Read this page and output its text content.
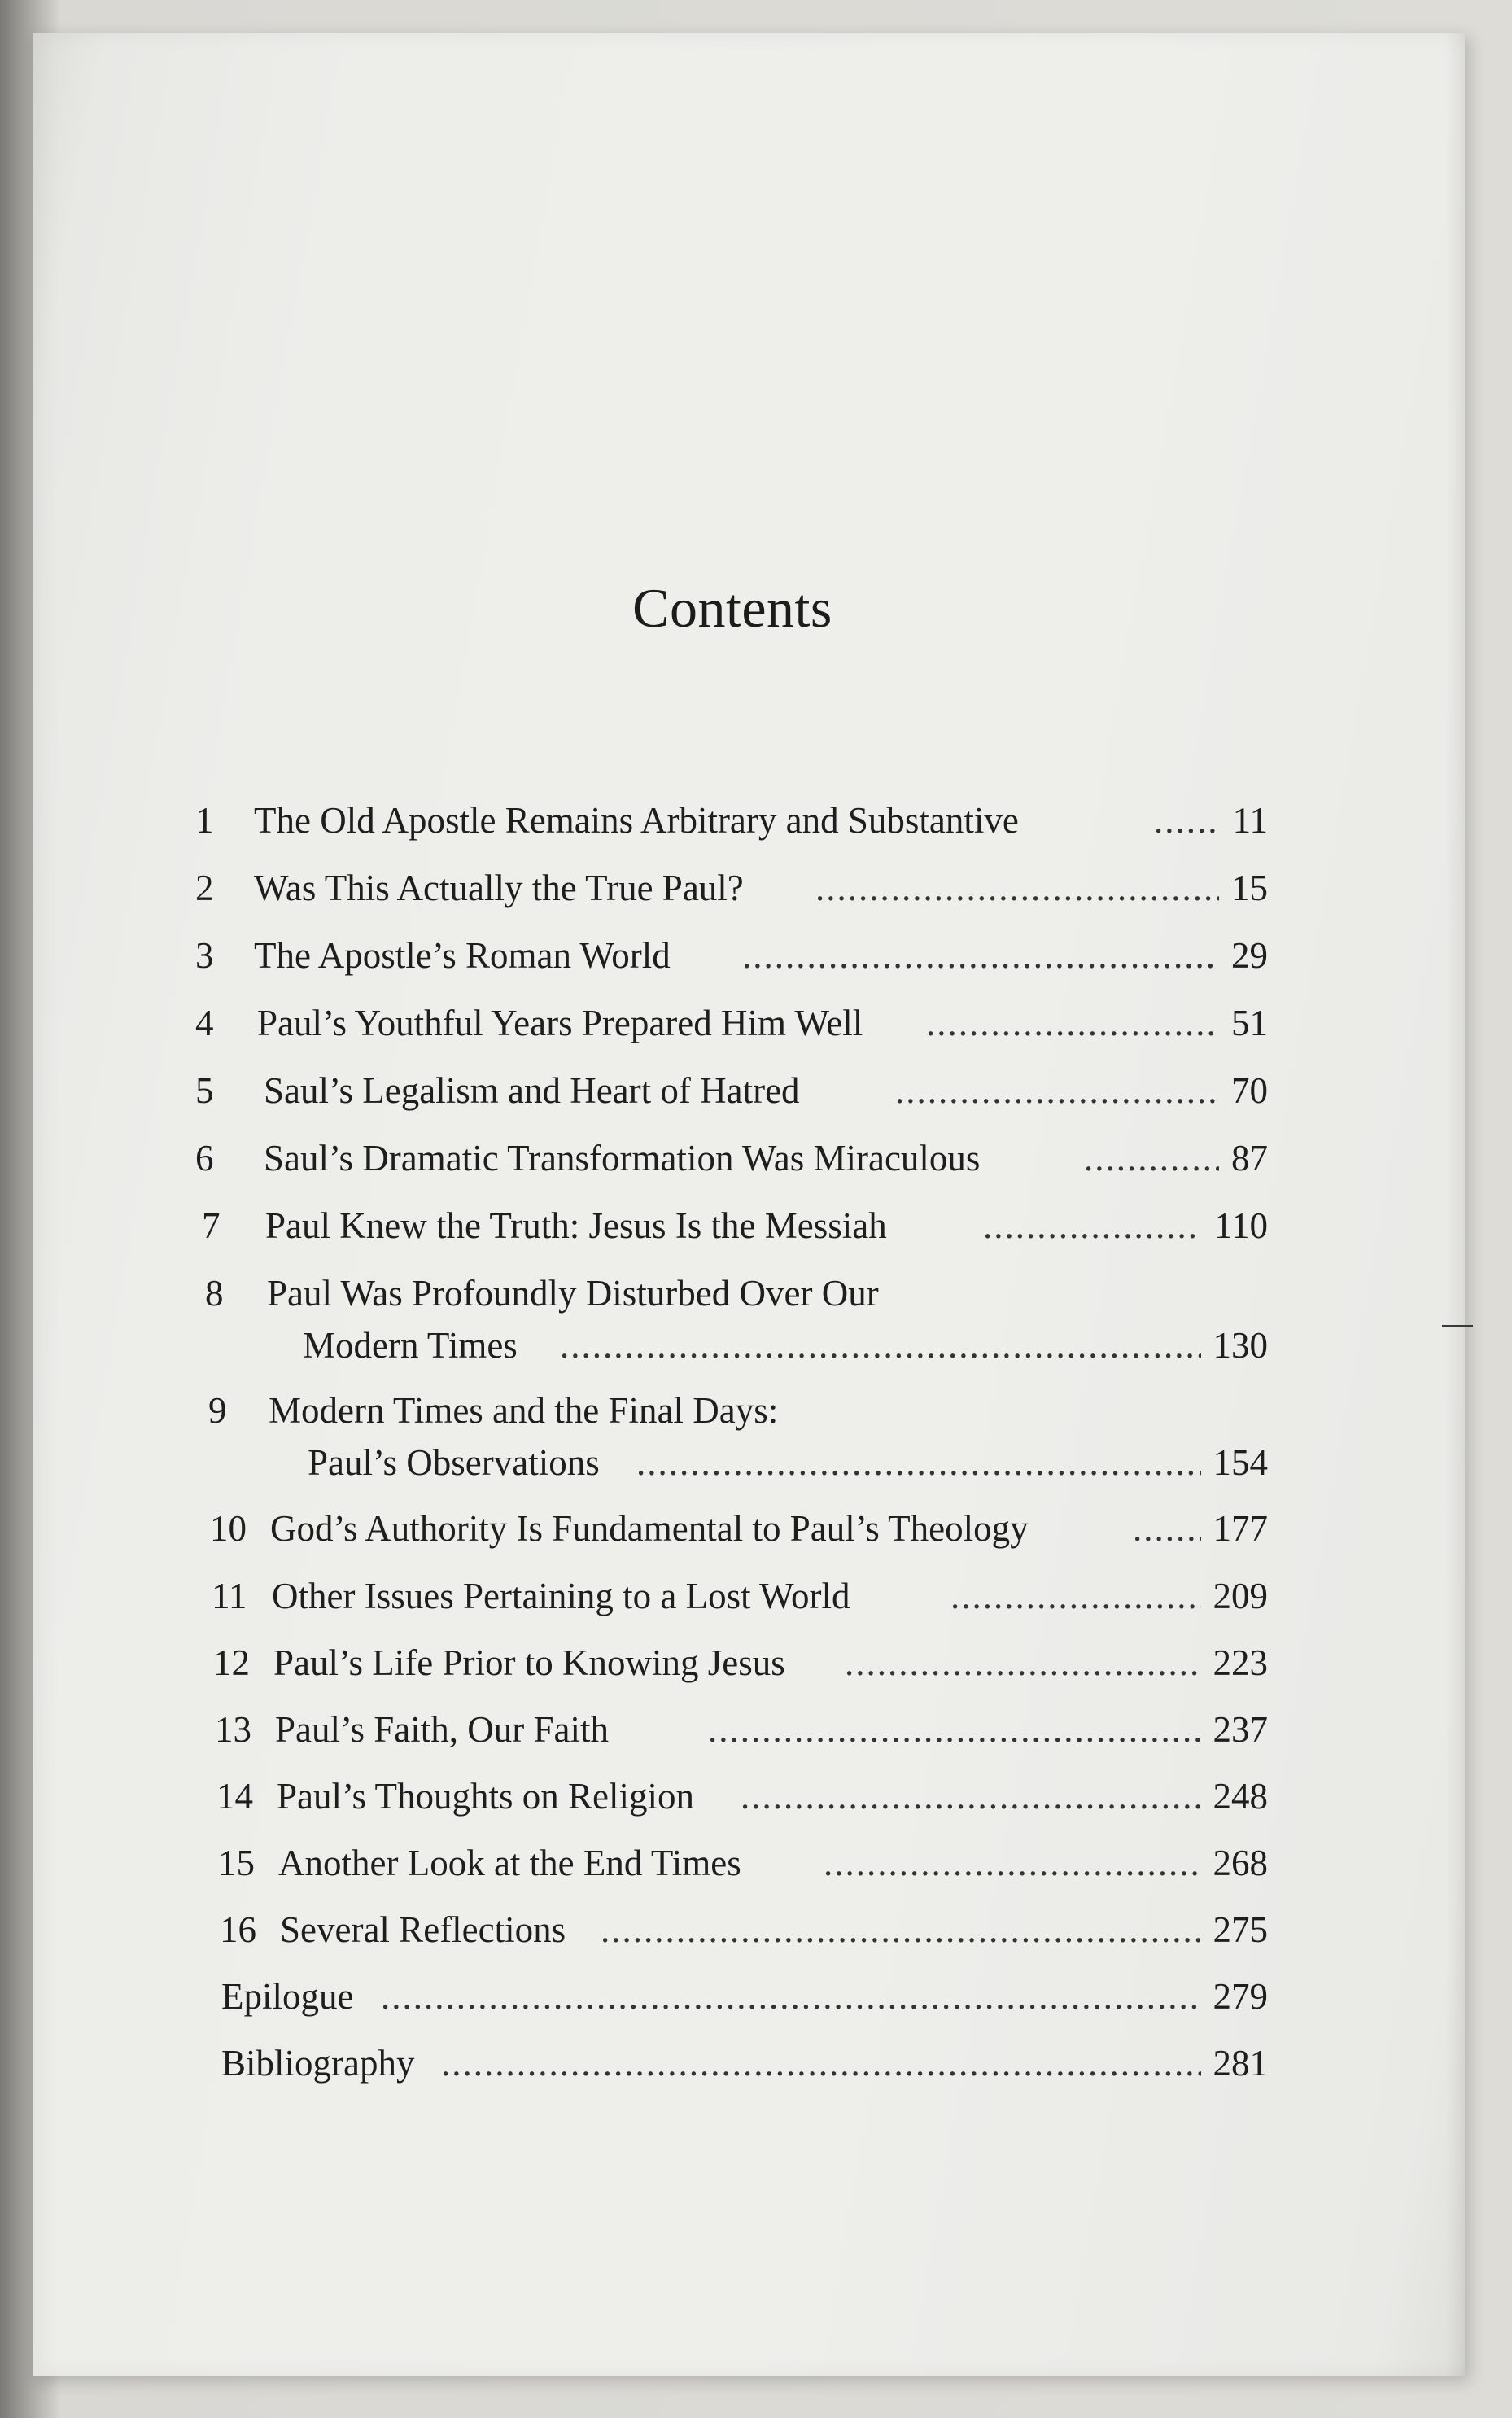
Contents
1 The Old Apostle Remains Arbitrary and Substantive .....	11
2 Was This Actually the True Paul? .....	15
3 The Apostle’s Roman World .....	29
4 Paul’s Youthful Years Prepared Him Well .....	51
5 Saul’s Legalism and Heart of Hatred .....	70
6 Saul’s Dramatic Transformation Was Miraculous .....	87
7 Paul Knew the Truth: Jesus Is the Messiah .....	110
8 Paul Was Profoundly Disturbed Over Our
Modern Times .....	130
9 Modern Times and the Final Days:
Paul’s Observations .....	154
10 God’s Authority Is Fundamental to Paul’s Theology .....	177
11 Other Issues Pertaining to a Lost World .....	209
12 Paul’s Life Prior to Knowing Jesus .....	223
13 Paul’s Faith, Our Faith .....	237
14 Paul’s Thoughts on Religion .....	248
15 Another Look at the End Times .....	268
16 Several Reflections .....	275
Epilogue .....	279
Bibliography .....	281
